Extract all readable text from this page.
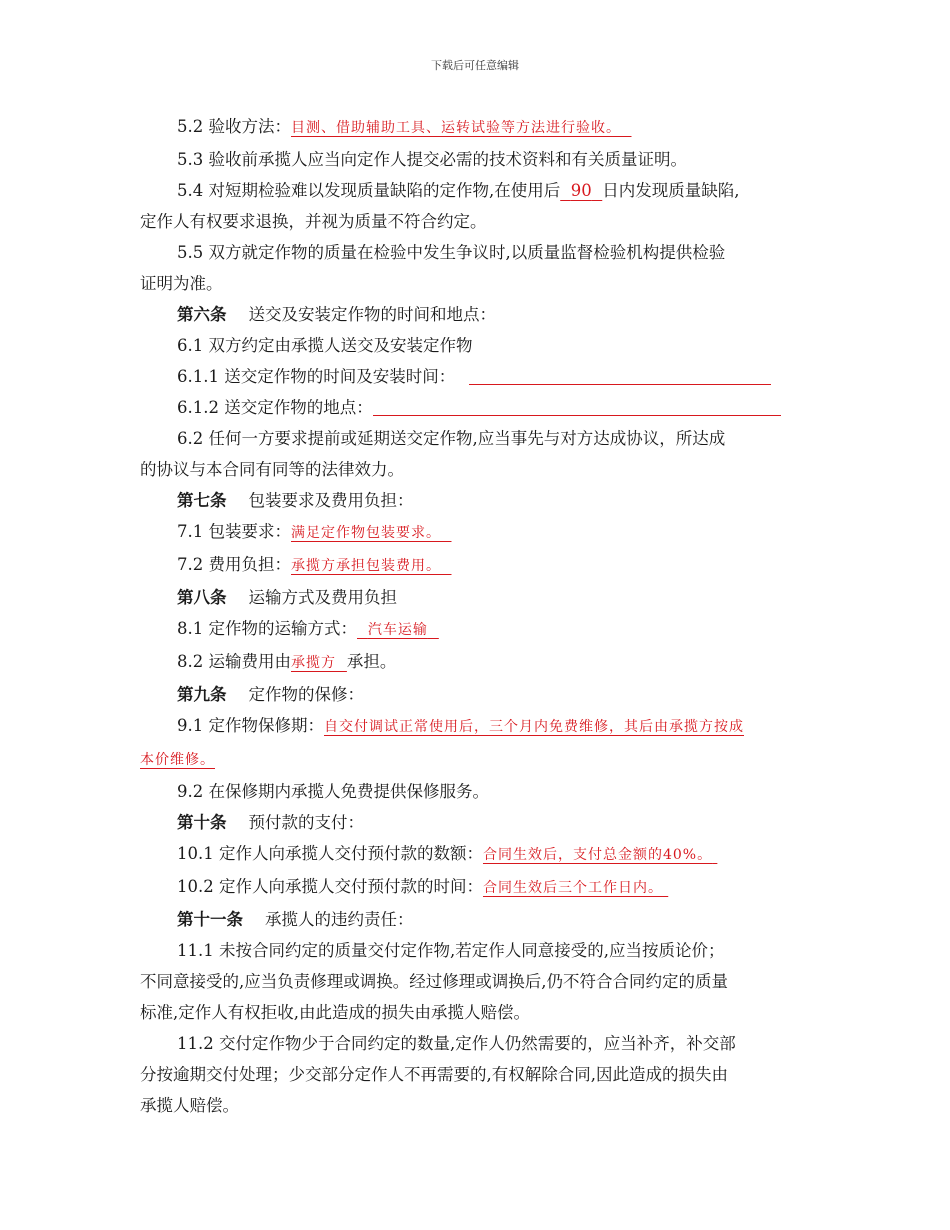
下载后可任意编辑

5.2 验收方法：目测、借助辅助工具、运转试验等方法进行验收。

5.3 验收前承揽人应当向定作人提交必需的技术资料和有关质量证明。

5.4 对短期检验难以发现质量缺陷的定作物,在使用后 90 日内发现质量缺陷,

定作人有权要求退换，并视为质量不符合约定。

5.5 双方就定作物的质量在检验中发生争议时,以质量监督检验机构提供检验

证明为准。

第六条 送交及安装定作物的时间和地点：

6.1 双方约定由承揽人送交及安装定作物

6.1.1 送交定作物的时间及安装时间：

6.1.2 送交定作物的地点：

6.2 任何一方要求提前或延期送交定作物,应当事先与对方达成协议，所达成

的协议与本合同有同等的法律效力。

第七条 包装要求及费用负担：

7.1 包装要求：满足定作物包装要求。

7.2 费用负担：承揽方承担包装费用。

第八条 运输方式及费用负担

8.1 定作物的运输方式： 汽车运输

8.2 运输费用由承揽方 承担。

第九条 定作物的保修：

9.1 定作物保修期：自交付调试正常使用后，三个月内免费维修，其后由承揽方按成

本价维修。

9.2 在保修期内承揽人免费提供保修服务。

第十条 预付款的支付：

10.1 定作人向承揽人交付预付款的数额：合同生效后，支付总金额的40%。

10.2 定作人向承揽人交付预付款的时间：合同生效后三个工作日内。

第十一条 承揽人的违约责任：

11.1 未按合同约定的质量交付定作物,若定作人同意接受的,应当按质论价；

不同意接受的,应当负责修理或调换。经过修理或调换后,仍不符合合同约定的质量

标准,定作人有权拒收,由此造成的损失由承揽人赔偿。

11.2 交付定作物少于合同约定的数量,定作人仍然需要的，应当补齐，补交部

分按逾期交付处理；少交部分定作人不再需要的,有权解除合同,因此造成的损失由

承揽人赔偿。
